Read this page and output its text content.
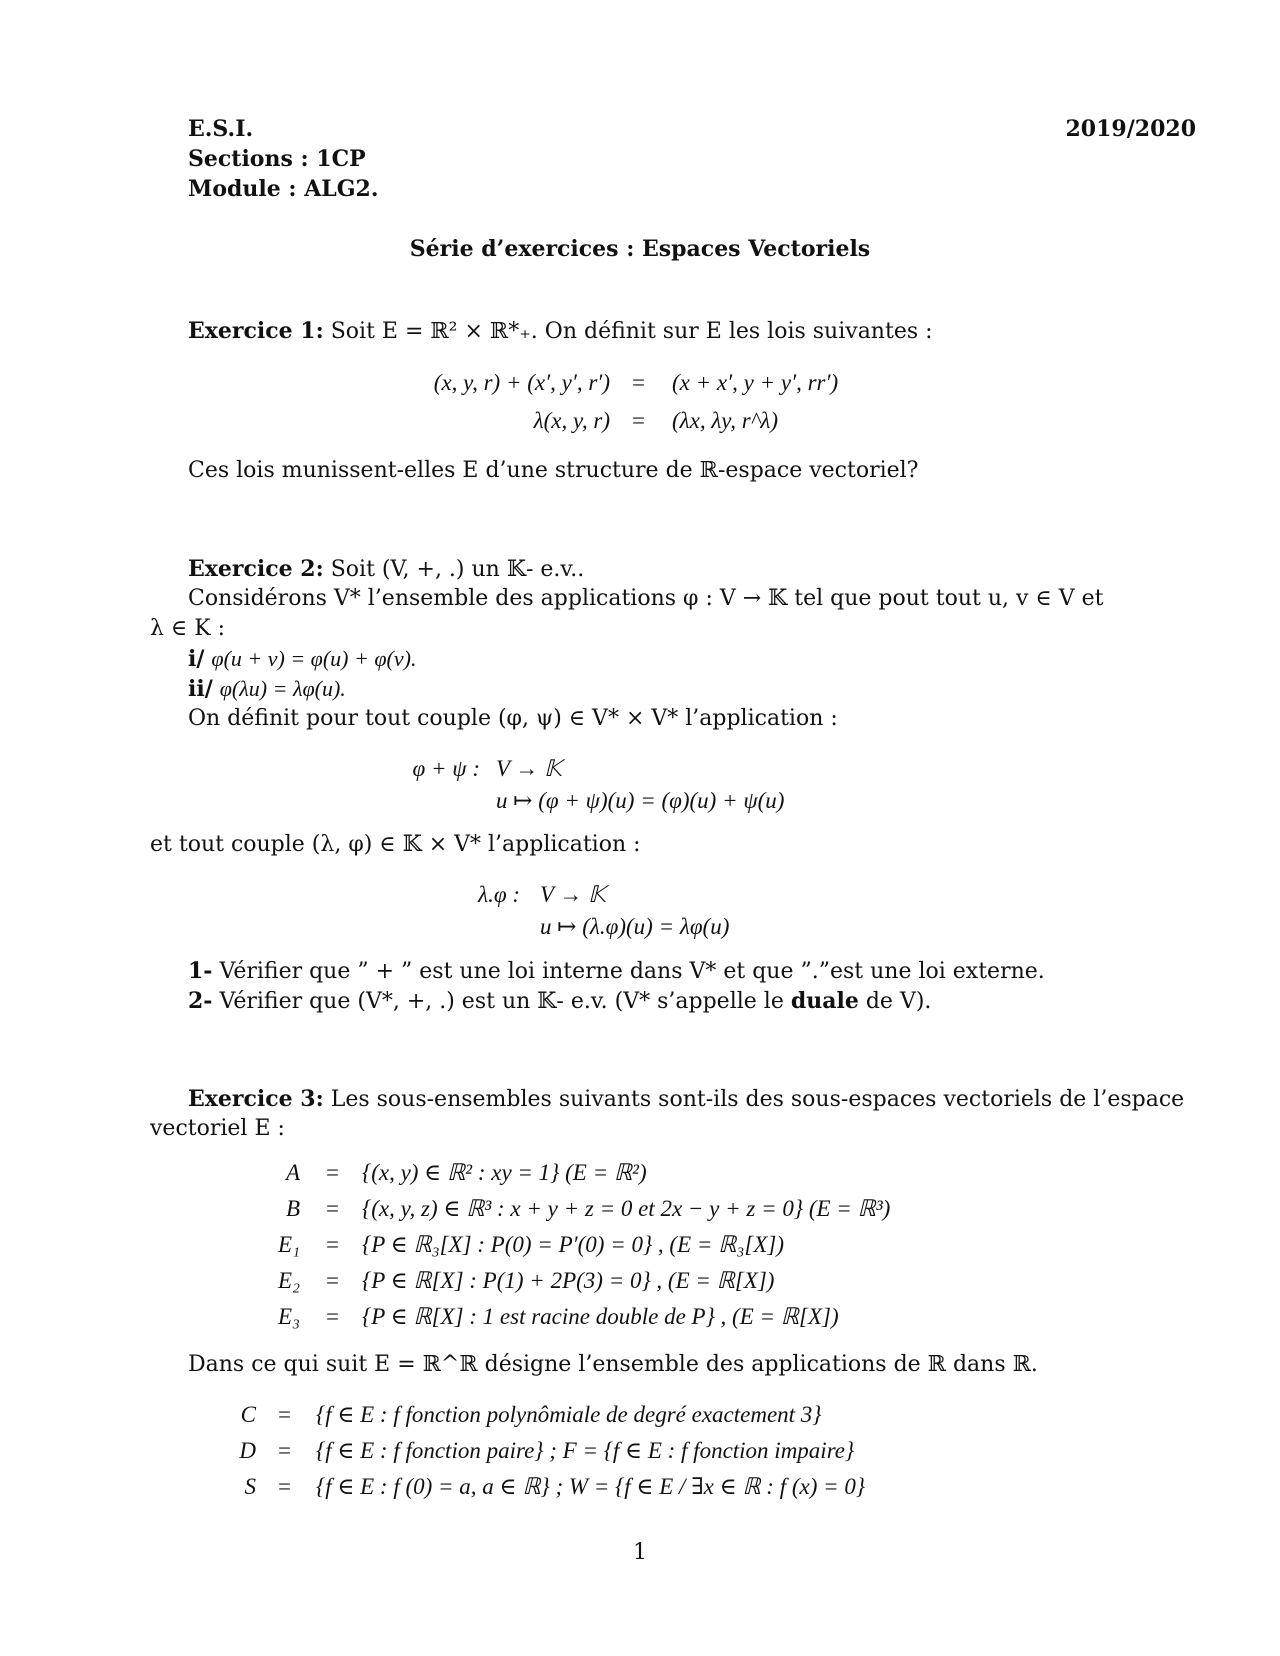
E.S.I.
Sections : 1CP
Module : ALG2.
2019/2020
Série d’exercices : Espaces Vectoriels
Exercice 1: Soit E = ℝ² × ℝ*₊. On définit sur E les lois suivantes :
(x, y, r) + (x′, y′, r′) = (x + x′, y + y′, rr′)
λ(x, y, r) = (λx, λy, r^λ)
Ces lois munissent-elles E d’une structure de ℝ-espace vectoriel?
Exercice 2: Soit (V, +, .) un 𝕂- e.v..
Considérons V* l’ensemble des applications φ : V → 𝕂 tel que pout tout u, v ∈ V et
λ ∈ K :
i/ φ(u + v) = φ(u) + φ(v).
ii/ φ(λu) = λφ(u).
On définit pour tout couple (φ, ψ) ∈ V* × V* l’application :
φ + ψ : V → 𝕂
u ↦ (φ + ψ)(u) = (φ)(u) + ψ(u)
et tout couple (λ, φ) ∈ 𝕂 × V* l’application :
λ.φ : V → 𝕂
u ↦ (λ.φ)(u) = λφ(u)
1- Vérifier que ” + ” est une loi interne dans V* et que ”.”est une loi externe.
2- Vérifier que (V*, +, .) est un 𝕂- e.v. (V* s’appelle le duale de V).
Exercice 3: Les sous-ensembles suivants sont-ils des sous-espaces vectoriels de l’espace
vectoriel E :
A = {(x, y) ∈ ℝ² : xy = 1} (E = ℝ²)
B = {(x, y, z) ∈ ℝ³ : x + y + z = 0 et 2x − y + z = 0} (E = ℝ³)
E₁ = {P ∈ ℝ₃[X] : P(0) = P′(0) = 0} , (E = ℝ₃[X])
E₂ = {P ∈ ℝ[X] : P(1) + 2P(3) = 0} , (E = ℝ[X])
E₃ = {P ∈ ℝ[X] : 1 est racine double de P} , (E = ℝ[X])
Dans ce qui suit E = ℝ^ℝ désigne l’ensemble des applications de ℝ dans ℝ.
C = {f ∈ E : f fonction polynômiale de degré exactement 3}
D = {f ∈ E : f fonction paire} ; F = {f ∈ E : f fonction impaire}
S = {f ∈ E : f (0) = a, a ∈ ℝ} ; W = {f ∈ E / ∃x ∈ ℝ : f (x) = 0}
1
